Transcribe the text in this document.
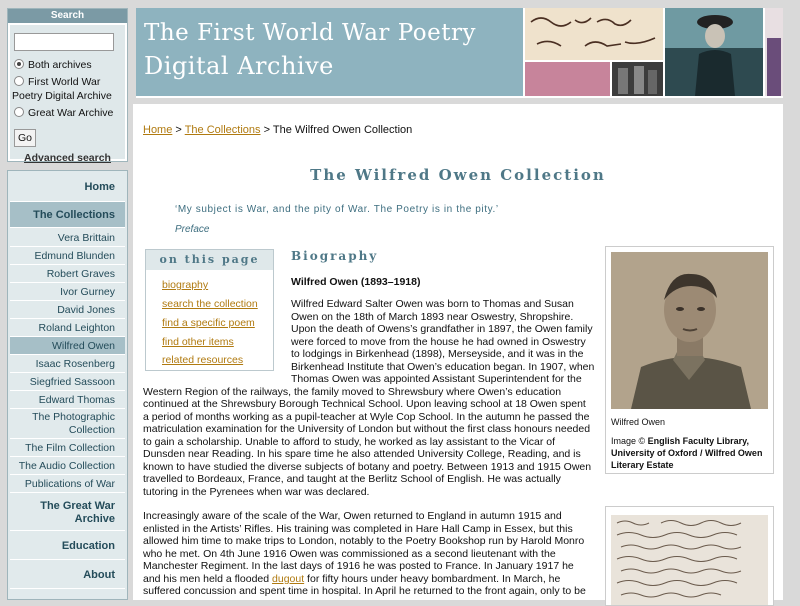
Search
Both archives
First World War
Poetry Digital Archive
Great War Archive
Go
Advanced search
Home
The Collections
Vera Brittain
Edmund Blunden
Robert Graves
Ivor Gurney
David Jones
Roland Leighton
Wilfred Owen
Isaac Rosenberg
Siegfried Sassoon
Edward Thomas
The Photographic Collection
The Film Collection
The Audio Collection
Publications of War
The Great War Archive
Education
About
The First World War Poetry
Digital Archive
Home > The Collections > The Wilfred Owen Collection
The Wilfred Owen Collection
‘My subject is War, and the pity of War. The Poetry is in the pity.’
Preface
on this page
biography
search the collection
find a specific poem
find other items
related resources
Biography
Wilfred Owen (1893–1918)
Wilfred Edward Salter Owen was born to Thomas and Susan
Owen on the 18th of March 1893 near Oswestry, Shropshire.
Upon the death of Owens’s grandfather in 1897, the Owen family
were forced to move from the house he had owned in Oswestry
to lodgings in Birkenhead (1898), Merseyside, and it was in the
Birkenhead Institute that Owen’s education began. In 1907, when
Thomas Owen was appointed Assistant Superintendent for the
Western Region of the railways, the family moved to Shrewsbury where Owen’s education
continued at the Shrewsbury Borough Technical School. Upon leaving school at 18 Owen spent
a period of months working as a pupil-teacher at Wyle Cop School. In the autumn he passed the
matriculation examination for the University of London but without the first class honours needed
to gain a scholarship. Unable to afford to study, he worked as lay assistant to the Vicar of
Dunsden near Reading. In his spare time he also attended University College, Reading, and is
known to have studied the diverse subjects of botany and poetry. Between 1913 and 1915 Owen
travelled to Bordeaux, France, and taught at the Berlitz School of English. He was actually
tutoring in the Pyrenees when war was declared.
Increasingly aware of the scale of the War, Owen returned to England in autumn 1915 and
enlisted in the Artists’ Rifles. His training was completed in Hare Hall Camp in Essex, but this
allowed him time to make trips to London, notably to the Poetry Bookshop run by Harold Monro
who he met. On 4th June 1916 Owen was commissioned as a second lieutenant with the
Manchester Regiment. In the last days of 1916 he was posted to France. In January 1917 he
and his men held a flooded dugout for fifty hours under heavy bombardment. In March, he
suffered concussion and spent time in hospital. In April he returned to the front again, only to be
Wilfred Owen
Image © English Faculty Library, University of Oxford / Wilfred Owen Literary Estate
